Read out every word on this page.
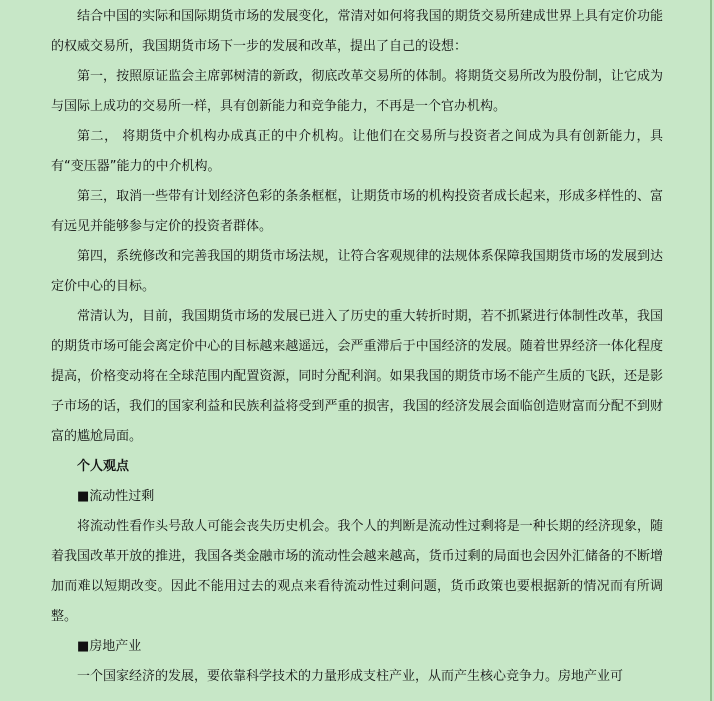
结合中国的实际和国际期货市场的发展变化，常清对如何将我国的期货交易所建成世界上具有定价功能的权威交易所，我国期货市场下一步的发展和改革，提出了自己的设想：

第一，按照原证监会主席郭树清的新政，彻底改革交易所的体制。将期货交易所改为股份制，让它成为与国际上成功的交易所一样，具有创新能力和竞争能力，不再是一个官办机构。

第二， 将期货中介机构办成真正的中介机构。让他们在交易所与投资者之间成为具有创新能力，具有“变压器”能力的中介机构。

第三，取消一些带有计划经济色彩的条条框框，让期货市场的机构投资者成长起来，形成多样性的、富有远见并能够参与定价的投资者群体。

第四，系统修改和完善我国的期货市场法规，让符合客观规律的法规体系保障我国期货市场的发展到达定价中心的目标。

常清认为，目前，我国期货市场的发展已进入了历史的重大转折时期，若不抓紧进行体制性改革，我国的期货市场可能会离定价中心的目标越来越遥远，会严重滞后于中国经济的发展。随着世界经济一体化程度提高，价格变动将在全球范围内配置资源，同时分配利润。如果我国的期货市场不能产生质的飞跃，还是影子市场的话，我们的国家利益和民族利益将受到严重的损害，我国的经济发展会面临创造财富而分配不到财富的尴尬局面。

个人观点

■流动性过剩

将流动性看作头号敌人可能会丧失历史机会。我个人的判断是流动性过剩将是一种长期的经济现象，随着我国改革开放的推进，我国各类金融市场的流动性会越来越高，货币过剩的局面也会因外汇储备的不断增加而难以短期改变。因此不能用过去的观点来看待流动性过剩问题，货币政策也要根据新的情况而有所调整。

■房地产业

一个国家经济的发展，要依靠科学技术的力量形成支柱产业，从而产生核心竞争力。房地产业可
